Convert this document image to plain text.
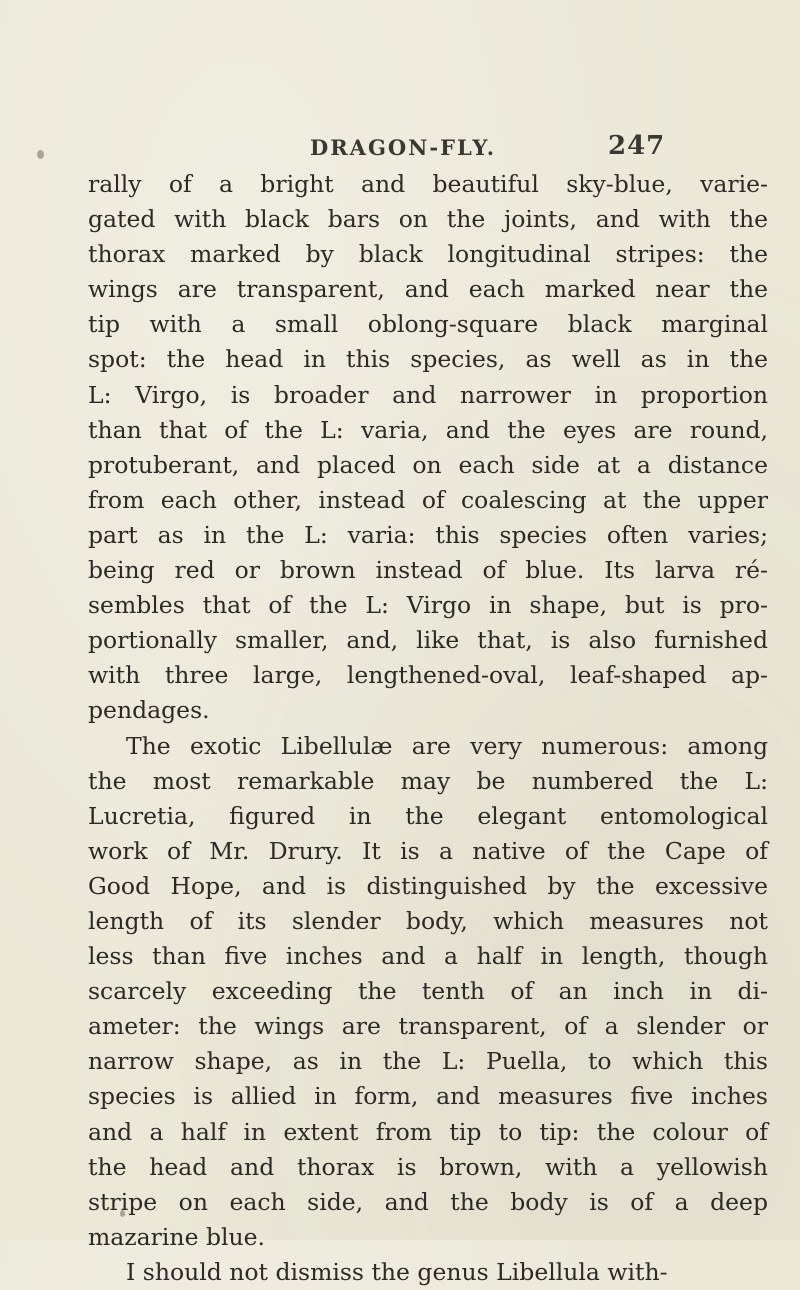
DRAGON-FLY.	247
rally of a bright and beautiful sky-blue, varie-
gated with black bars on the joints, and with the
thorax marked by black longitudinal stripes: the
wings are transparent, and each marked near the
tip with a small oblong-square black marginal
spot: the head in this species, as well as in the
L: Virgo, is broader and narrower in proportion
than that of the L: varia, and the eyes are round,
protuberant, and placed on each side at a distance
from each other, instead of coalescing at the upper
part as in the L: varia: this species often varies;
being red or brown instead of blue. Its larva ré-
sembles that of the L: Virgo in shape, but is pro-
portionally smaller, and, like that, is also furnished
with three large, lengthened-oval, leaf-shaped ap-
pendages.
The exotic Libellulæ are very numerous: among
the most remarkable may be numbered the L:
Lucretia, figured in the elegant entomological
work of Mr. Drury. It is a native of the Cape of
Good Hope, and is distinguished by the excessive
length of its slender body, which measures not
less than five inches and a half in length, though
scarcely exceeding the tenth of an inch in di-
ameter: the wings are transparent, of a slender or
narrow shape, as in the L: Puella, to which this
species is allied in form, and measures five inches
and a half in extent from tip to tip: the colour of
the head and thorax is brown, with a yellowish
stripe on each side, and the body is of a deep
mazarine blue.
I should not dismiss the genus Libellula with-
